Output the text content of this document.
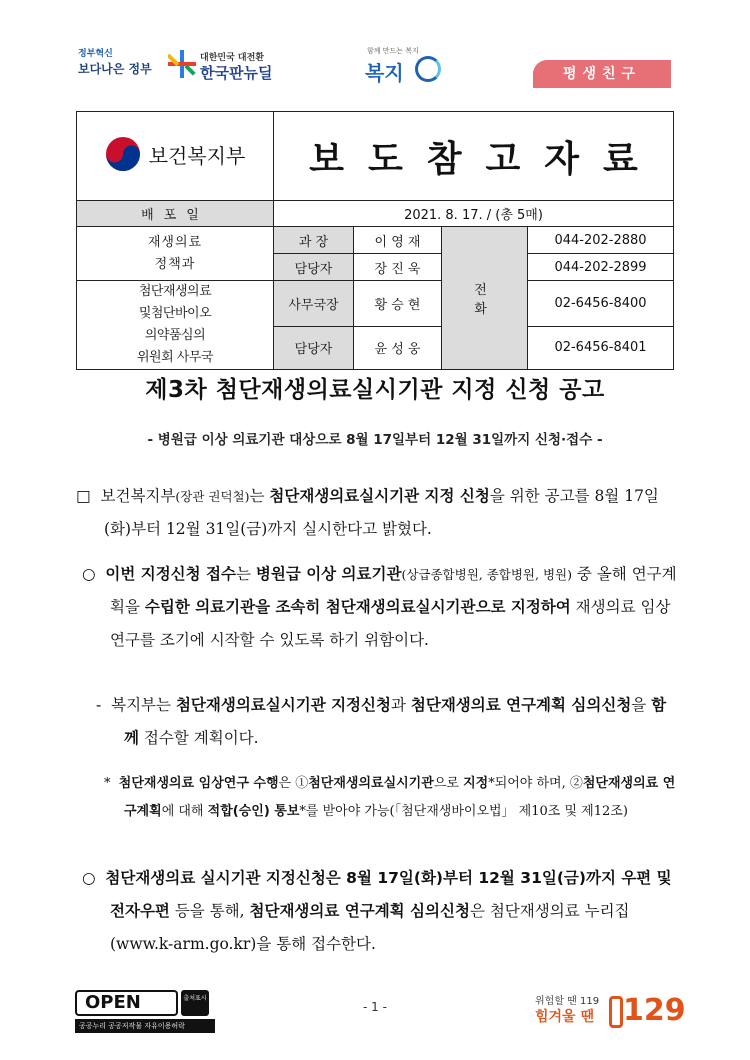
정부혁신
보다나은 정부
대한민국 대전환
한국판뉴딜
함께 만드는 복지
복지	평생친구
보건복지부	보도참고자료			
배포일	2021. 8. 17. / (총 5매)			
재생의료
정책과	과 장	이 영 재	전화	044-202-2880
	담당자	장 진 욱		044-202-2899
첨단재생의료
및첨단바이오
의약품심의
위원회 사무국	사무국장	황 승 현		02-6456-8400
	담당자	윤 성 웅		02-6456-8401
제3차 첨단재생의료실시기관 지정 신청 공고
- 병원급 이상 의료기관 대상으로 8월 17일부터 12월 31일까지 신청·접수 -
□ 보건복지부(장관 권덕철)는 첨단재생의료실시기관 지정 신청을 위한 공고를 8월 17일(화)부터 12월 31일(금)까지 실시한다고 밝혔다.
○ 이번 지정신청 접수는 병원급 이상 의료기관(상급종합병원, 종합병원, 병원) 중 올해 연구계획을 수립한 의료기관을 조속히 첨단재생의료실시기관으로 지정하여 재생의료 임상연구를 조기에 시작할 수 있도록 하기 위함이다.
- 복지부는 첨단재생의료실시기관 지정신청과 첨단재생의료 연구계획 심의신청을 함께 접수할 계획이다.
* 첨단재생의료 임상연구 수행은 ①첨단재생의료실시기관으로 지정*되어야 하며, ②첨단재생의료 연구계획에 대해 적합(승인) 통보*를 받아야 가능(「첨단재생바이오법」 제10조 및 제12조)
○ 첨단재생의료 실시기관 지정신청은 8월 17일(화)부터 12월 31일(금)까지 우편 및 전자우편 등을 통해, 첨단재생의료 연구계획 심의신청은 첨단재생의료 누리집(www.k-arm.go.kr)을 통해 접수한다.
OPEN	출처표시
공공누리 공공저작물 자유이용허락
- 1 -	위험할 땐 119
힘겨울 땐 129
